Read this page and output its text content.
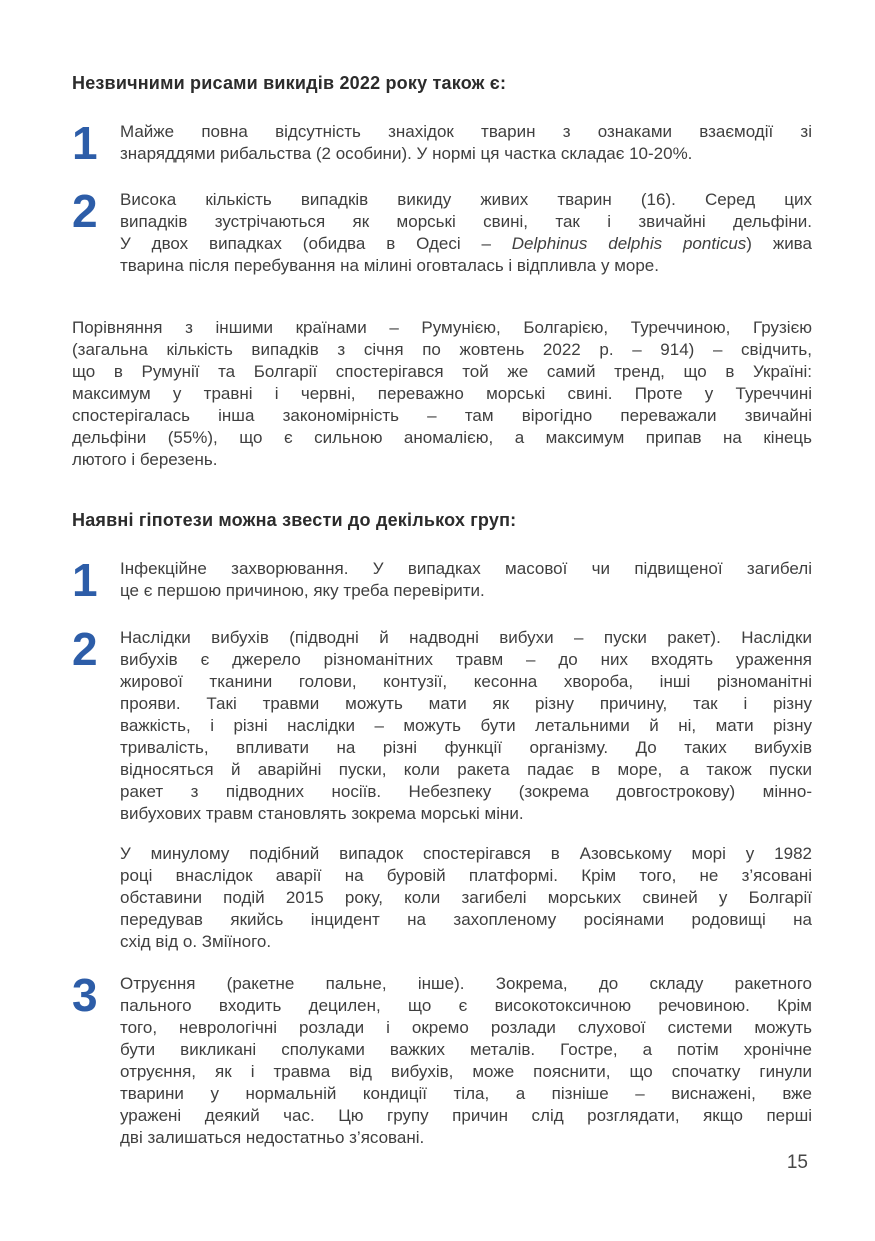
Незвичними рисами викидів 2022 року також є:
1	Майже повна відсутність знахідок тварин з ознаками взаємодії зі
знаряддями рибальства (2 особини). У нормі ця частка складає 10-20%.
2	Висока кількість випадків викиду живих тварин (16). Серед цих
випадків зустрічаються як морські свині, так і звичайні дельфіни.
У двох випадках (обидва в Одесі – Delphinus delphis ponticus) жива
тварина після перебування на мілині оговталась і відпливла у море.
Порівняння з іншими країнами – Румунією, Болгарією, Туреччиною, Грузією
(загальна кількість випадків з січня по жовтень 2022 р. – 914) – свідчить,
що в Румунії та Болгарії спостерігався той же самий тренд, що в Україні:
максимум у травні і червні, переважно морські свині. Проте у Туреччині
спостерігалась інша закономірність – там вірогідно переважали звичайні
дельфіни (55%), що є сильною аномалією, а максимум припав на кінець
лютого і березень.
Наявні гіпотези можна звести до декількох груп:
1	Інфекційне захворювання. У випадках масової чи підвищеної загибелі
це є першою причиною, яку треба перевірити.
2	Наслідки вибухів (підводні й надводні вибухи – пуски ракет). Наслідки
вибухів є джерело різноманітних травм – до них входять ураження
жирової тканини голови, контузії, кесонна хвороба, інші різноманітні
прояви. Такі травми можуть мати як різну причину, так і різну
важкість, і різні наслідки – можуть бути летальними й ні, мати різну
тривалість, впливати на різні функції організму. До таких вибухів
відносяться й аварійні пуски, коли ракета падає в море, а також пуски
ракет з підводних носіїв. Небезпеку (зокрема довгострокову) мінно-
вибухових травм становлять зокрема морські міни.
У минулому подібний випадок спостерігався в Азовському морі у 1982
році внаслідок аварії на буровій платформі. Крім того, не з’ясовані
обставини подій 2015 року, коли загибелі морських свиней у Болгарії
передував якийсь інцидент на захопленому росіянами родовищі на
схід від о. Зміїного.
3	Отруєння (ракетне пальне, інше). Зокрема, до складу ракетного
пального входить децилен, що є високотоксичною речовиною. Крім
того, неврологічні розлади і окремо розлади слухової системи можуть
бути викликані сполуками важких металів. Гостре, а потім хронічне
отруєння, як і травма від вибухів, може пояснити, що спочатку гинули
тварини у нормальній кондиції тіла, а пізніше – виснажені, вже
уражені деякий час. Цю групу причин слід розглядати, якщо перші
дві залишаться недостатньо з’ясовані.
15
